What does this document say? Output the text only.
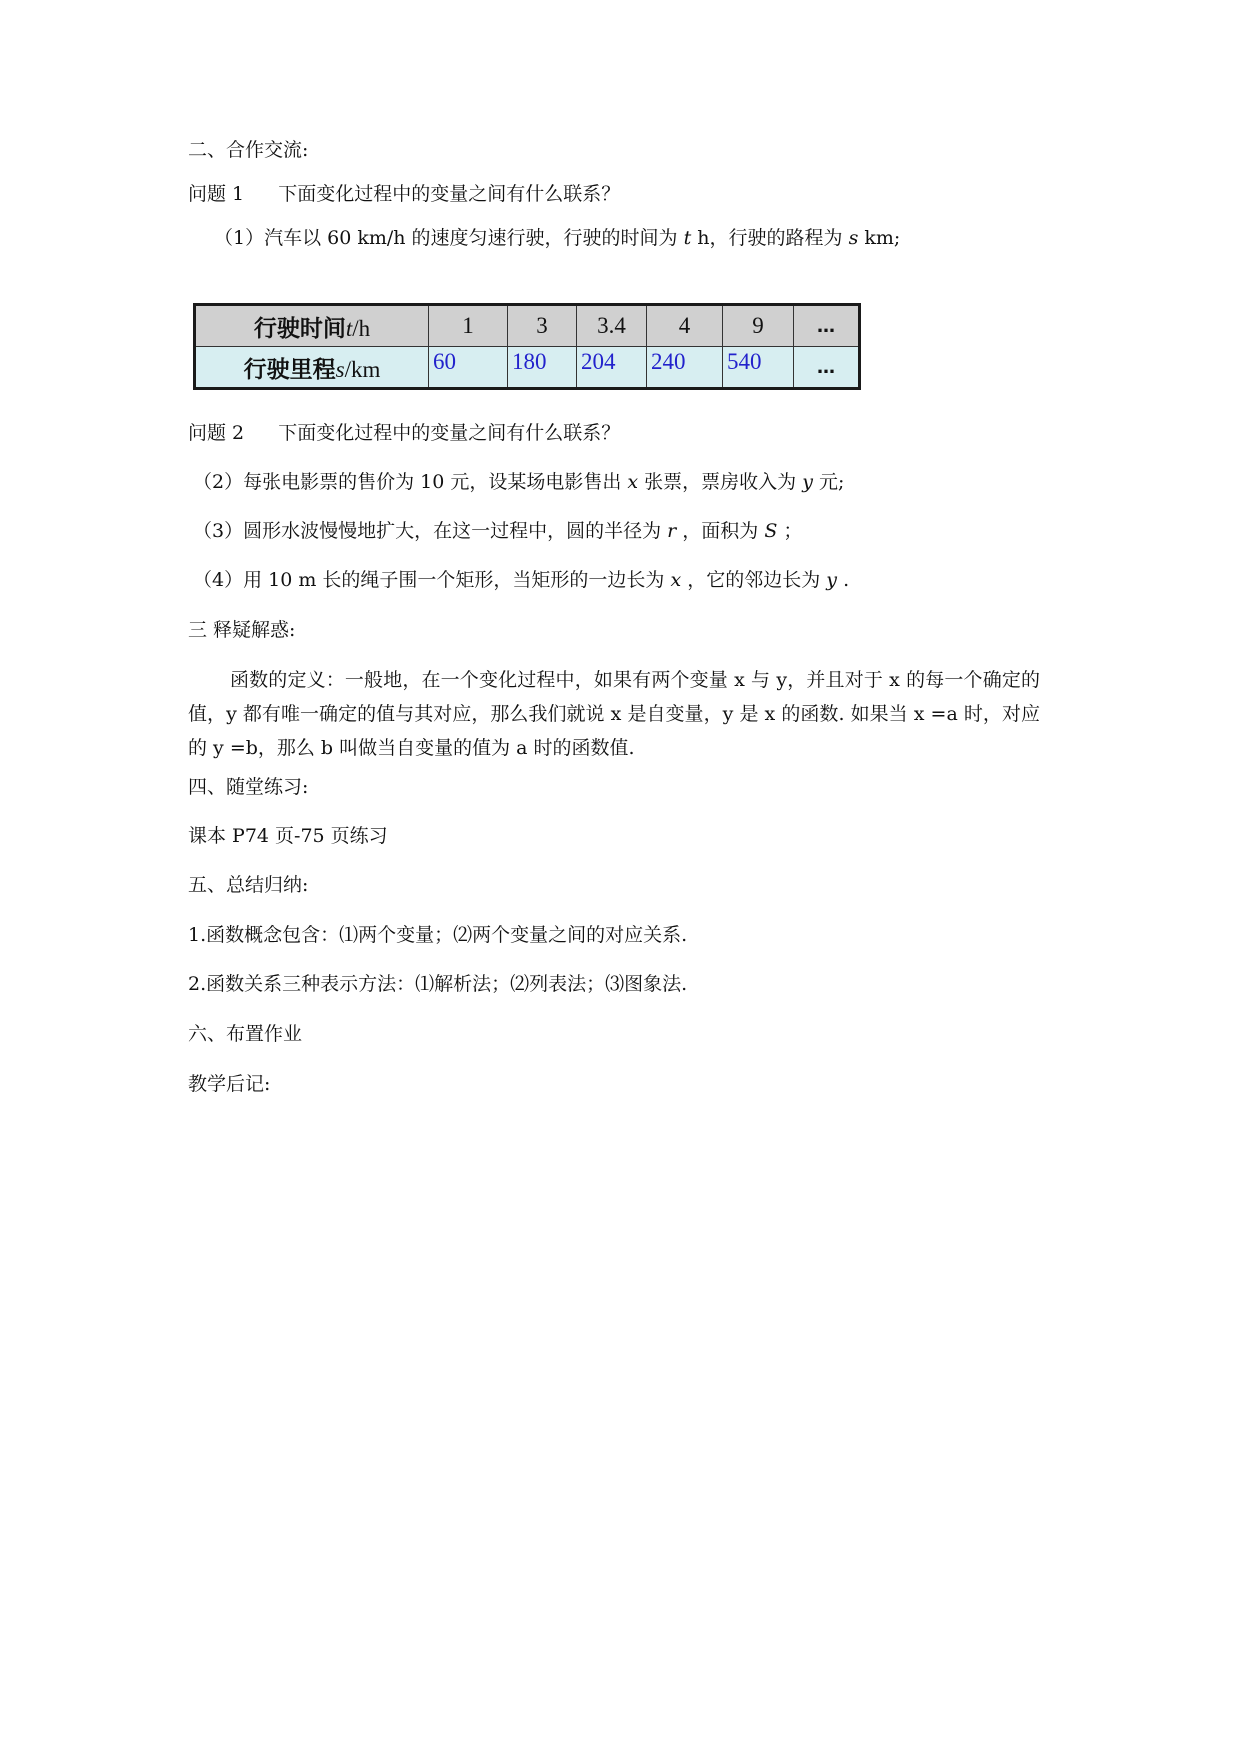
二、合作交流:
问题 1 下面变化过程中的变量之间有什么联系？
（1）汽车以 60 km/h 的速度匀速行驶，行驶的时间为 t h，行驶的路程为 s km;
行驶时间t/h	1	3	3.4	4	9	…
行驶里程s/km	60	180	204	240	540	…
问题 2 下面变化过程中的变量之间有什么联系？
（2）每张电影票的售价为 10 元，设某场电影售出 x 张票，票房收入为 y 元;
（3）圆形水波慢慢地扩大，在这一过程中，圆的半径为 r ，面积为 S ；
（4）用 10 m 长的绳子围一个矩形，当矩形的一边长为 x ，它的邻边长为 y .
三 释疑解惑:
函数的定义：一般地，在一个变化过程中，如果有两个变量 x 与 y，并且对于 x 的每一个确定的值，y 都有唯一确定的值与其对应，那么我们就说 x 是自变量，y 是 x 的函数. 如果当 x =a 时，对应的 y =b，那么 b 叫做当自变量的值为 a 时的函数值.
四、随堂练习:
课本 P74 页-75 页练习
五、总结归纳:
1.函数概念包含：⑴两个变量；⑵两个变量之间的对应关系.
2.函数关系三种表示方法：⑴解析法；⑵列表法；⑶图象法.
六、布置作业
教学后记:
